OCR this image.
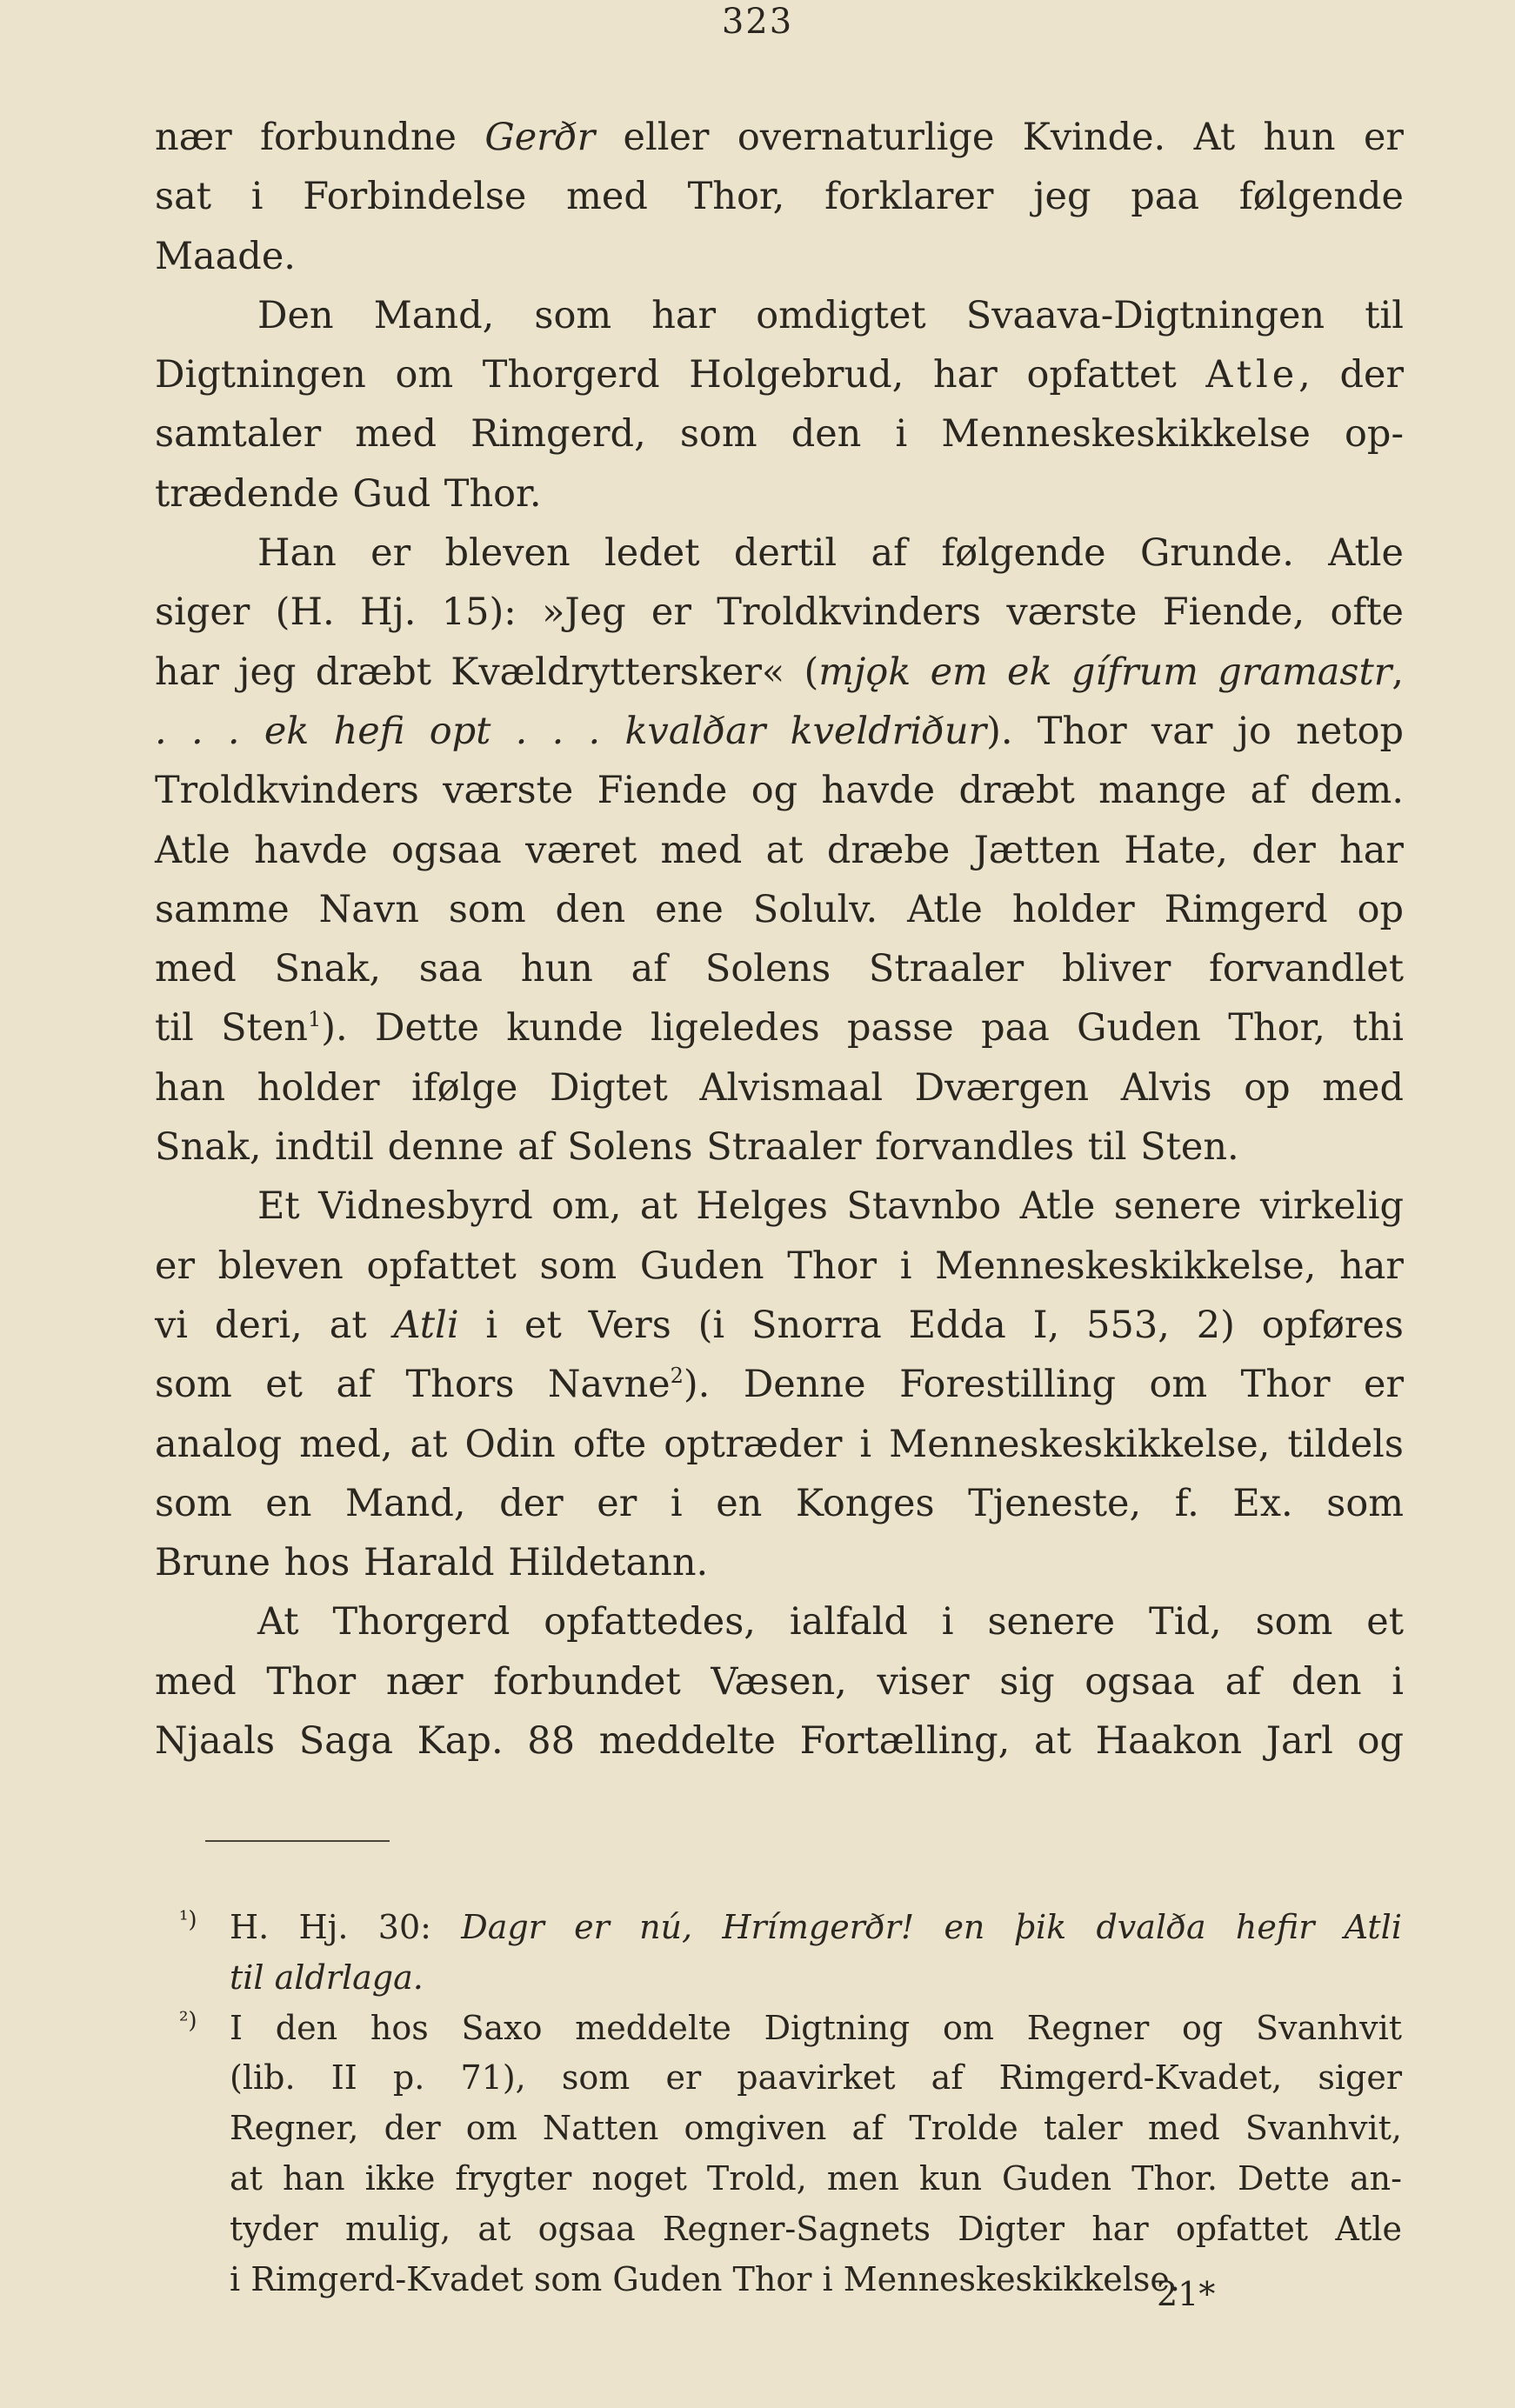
323

nær forbundne Gerðr eller overnaturlige Kvinde. At hun er

sat i Forbindelse med Thor, forklarer jeg paa følgende

Maade.

Den Mand, som har omdigtet Svaava-Digtningen til

Digtningen om Thorgerd Holgebrud, har opfattet Atle, der

samtaler med Rimgerd, som den i Menneskeskikkelse op-

trædende Gud Thor.

Han er bleven ledet dertil af følgende Grunde. Atle

siger (H. Hj. 15): »Jeg er Troldkvinders værste Fiende, ofte

har jeg dræbt Kvældryttersker« (mjǫk em ek gífrum gramastr,

. . . ek hefi opt . . . kvalðar kveldriður). Thor var jo netop

Troldkvinders værste Fiende og havde dræbt mange af dem.

Atle havde ogsaa været med at dræbe Jætten Hate, der har

samme Navn som den ene Solulv. Atle holder Rimgerd op

med Snak, saa hun af Solens Straaler bliver forvandlet

til Sten$^1$). Dette kunde ligeledes passe paa Guden Thor, thi

han holder ifølge Digtet Alvismaal Dværgen Alvis op med

Snak, indtil denne af Solens Straaler forvandles til Sten.

Et Vidnesbyrd om, at Helges Stavnbo Atle senere virkelig

er bleven opfattet som Guden Thor i Menneskeskikkelse, har

vi deri, at Atli i et Vers (i Snorra Edda I, 553, 2) opføres

som et af Thors Navne$^2$). Denne Forestilling om Thor er

analog med, at Odin ofte optræder i Menneskeskikkelse, tildels

som en Mand, der er i en Konges Tjeneste, f. Ex. som

Brune hos Harald Hildetann.

At Thorgerd opfattedes, ialfald i senere Tid, som et

med Thor nær forbundet Væsen, viser sig ogsaa af den i

Njaals Saga Kap. 88 meddelte Fortælling, at Haakon Jarl og

¹) H. Hj. 30: Dagr er nú, Hrímgerðr! en þik dvalða hefir Atli
til aldrlaga.
²) I den hos Saxo meddelte Digtning om Regner og Svanhvit
(lib. II p. 71), som er paavirket af Rimgerd-Kvadet, siger
Regner, der om Natten omgiven af Trolde taler med Svanhvit,
at han ikke frygter noget Trold, men kun Guden Thor. Dette an-
tyder mulig, at ogsaa Regner-Sagnets Digter har opfattet Atle
i Rimgerd-Kvadet som Guden Thor i Menneskeskikkelse.
21*
